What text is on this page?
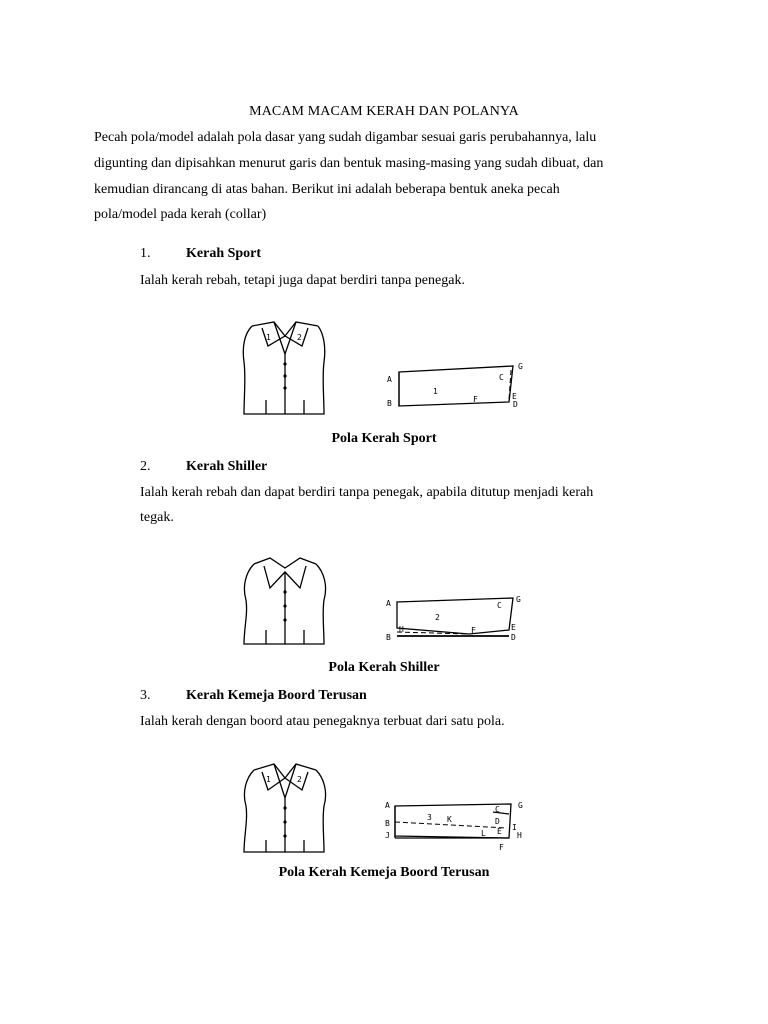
MACAM MACAM KERAH DAN POLANYA
Pecah pola/model adalah pola dasar yang sudah digambar sesuai garis perubahannya, lalu
digunting dan dipisahkan menurut garis dan bentuk masing-masing yang sudah dibuat, dan
kemudian dirancang di atas bahan. Berikut ini adalah beberapa bentuk aneka pecah
pola/model pada kerah (collar)
1.	Kerah Sport
Ialah kerah rebah, tetapi juga dapat berdiri tanpa penegak.
1	2
A
B
C
D
E
F
G
1
Pola Kerah Sport
2.	Kerah Shiller
Ialah kerah rebah dan dapat berdiri tanpa penegak, apabila ditutup menjadi kerah
tegak.
A
B
C
D
E
F
G
H
2
Pola Kerah Shiller
3.	Kerah Kemeja Boord Terusan
Ialah kerah dengan boord atau penegaknya terbuat dari satu pola.
1	2
A
B
C
D
E
F
G
H
I
J
K
L
3
Pola Kerah Kemeja Boord Terusan
